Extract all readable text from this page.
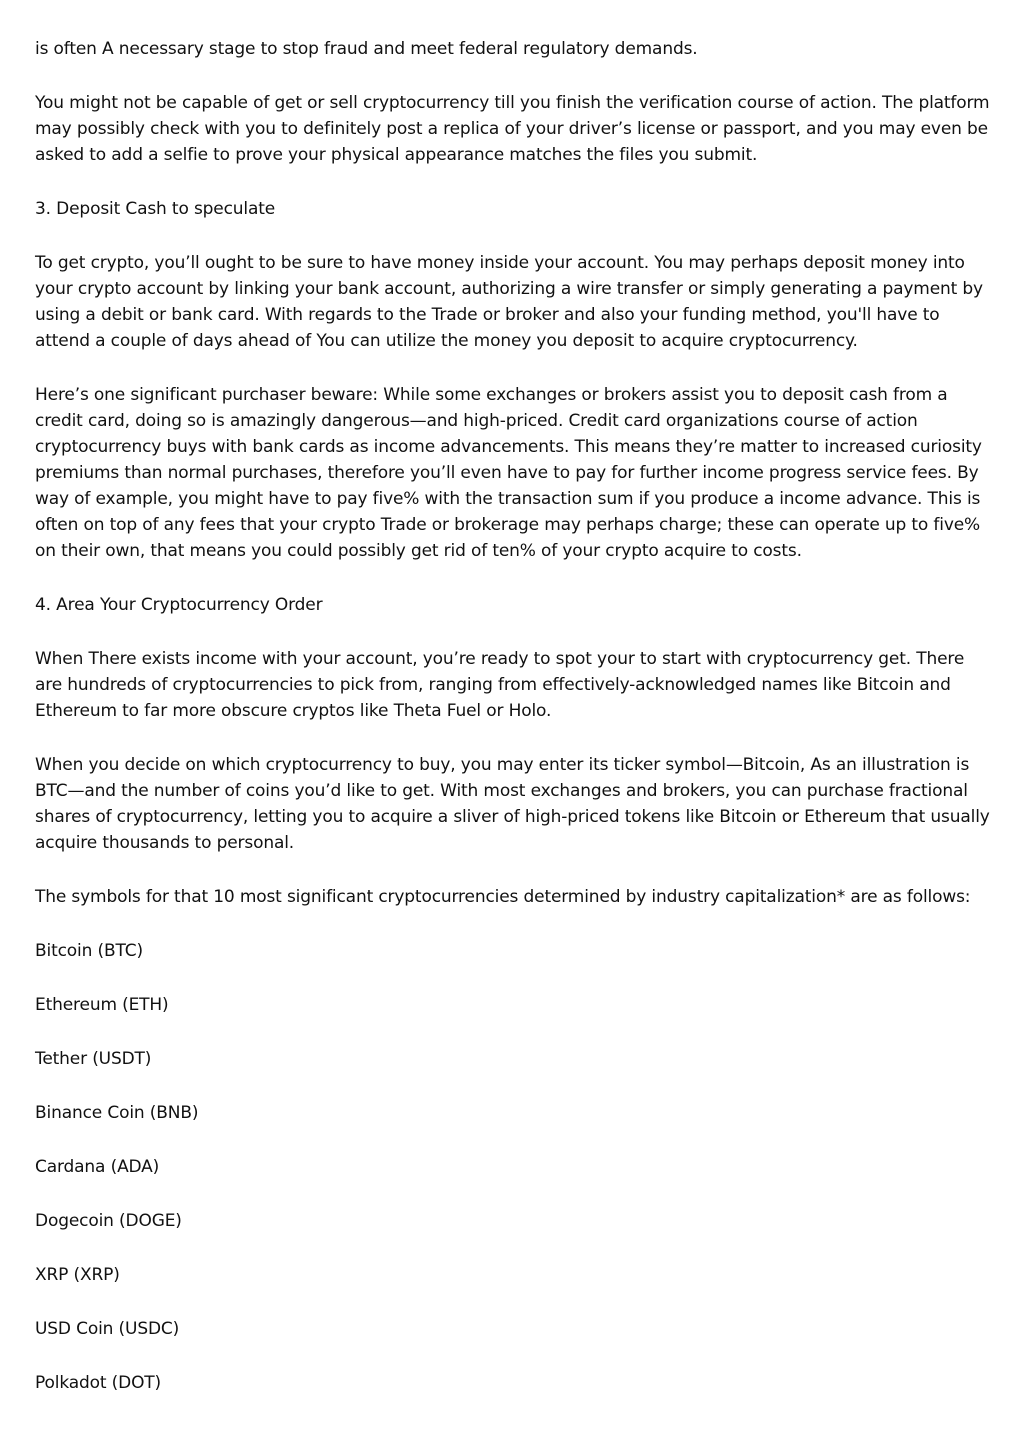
is often A necessary stage to stop fraud and meet federal regulatory demands.

You might not be capable of get or sell cryptocurrency till you finish the verification course of action. The platform may possibly check with you to definitely post a replica of your driver’s license or passport, and you may even be asked to add a selfie to prove your physical appearance matches the files you submit.

3. Deposit Cash to speculate

To get crypto, you’ll ought to be sure to have money inside your account. You may perhaps deposit money into your crypto account by linking your bank account, authorizing a wire transfer or simply generating a payment by using a debit or bank card. With regards to the Trade or broker and also your funding method, you'll have to attend a couple of days ahead of You can utilize the money you deposit to acquire cryptocurrency.

Here’s one significant purchaser beware: While some exchanges or brokers assist you to deposit cash from a credit card, doing so is amazingly dangerous—and high-priced. Credit card organizations course of action cryptocurrency buys with bank cards as income advancements. This means they’re matter to increased curiosity premiums than normal purchases, therefore you’ll even have to pay for further income progress service fees. By way of example, you might have to pay five% with the transaction sum if you produce a income advance. This is often on top of any fees that your crypto Trade or brokerage may perhaps charge; these can operate up to five% on their own, that means you could possibly get rid of ten% of your crypto acquire to costs.

4. Area Your Cryptocurrency Order

When There exists income with your account, you’re ready to spot your to start with cryptocurrency get. There are hundreds of cryptocurrencies to pick from, ranging from effectively-acknowledged names like Bitcoin and Ethereum to far more obscure cryptos like Theta Fuel or Holo.

When you decide on which cryptocurrency to buy, you may enter its ticker symbol—Bitcoin, As an illustration is BTC—and the number of coins you’d like to get. With most exchanges and brokers, you can purchase fractional shares of cryptocurrency, letting you to acquire a sliver of high-priced tokens like Bitcoin or Ethereum that usually acquire thousands to personal.

The symbols for that 10 most significant cryptocurrencies determined by industry capitalization* are as follows:

Bitcoin (BTC)

Ethereum (ETH)

Tether (USDT)

Binance Coin (BNB)

Cardana (ADA)

Dogecoin (DOGE)

XRP (XRP)

USD Coin (USDC)

Polkadot (DOT)
